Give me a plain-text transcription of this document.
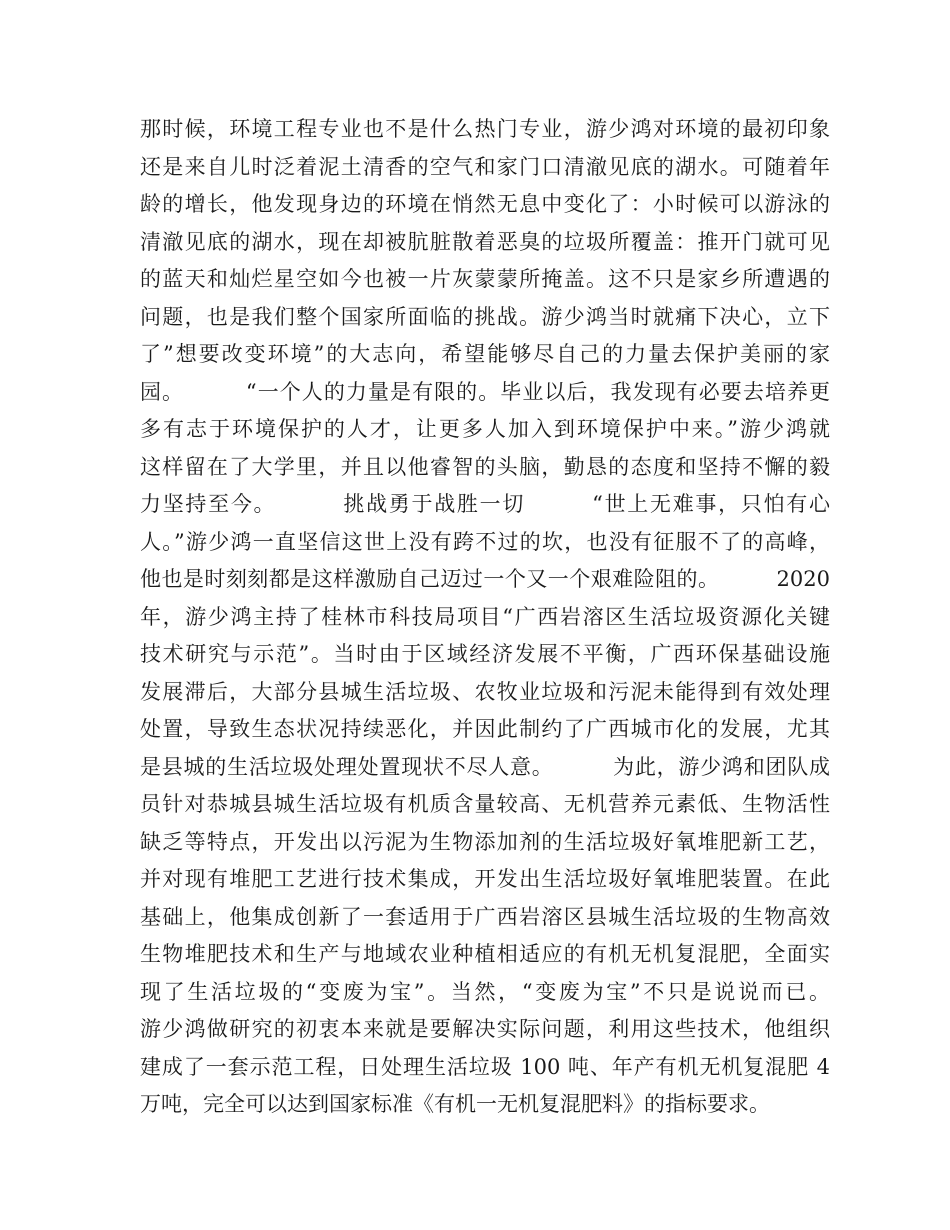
那时候，环境工程专业也不是什么热门专业，游少鸿对环境的最初印象
还是来自儿时泛着泥土清香的空气和家门口清澈见底的湖水。可随着年
龄的增长，他发现身边的环境在悄然无息中变化了：小时候可以游泳的
清澈见底的湖水，现在却被肮脏散着恶臭的垃圾所覆盖：推开门就可见
的蓝天和灿烂星空如今也被一片灰蒙蒙所掩盖。这不只是家乡所遭遇的
问题，也是我们整个国家所面临的挑战。游少鸿当时就痛下决心，立下
了”想要改变环境”的大志向，希望能够尽自己的力量去保护美丽的家
园。        “一个人的力量是有限的。毕业以后，我发现有必要去培养更
多有志于环境保护的人才，让更多人加入到环境保护中来。”游少鸿就
这样留在了大学里，并且以他睿智的头脑，勤恳的态度和坚持不懈的毅
力坚持至今。        挑战勇于战胜一切        “世上无难事，只怕有心
人。”游少鸿一直坚信这世上没有跨不过的坎，也没有征服不了的高峰，
他也是时刻刻都是这样激励自己迈过一个又一个艰难险阻的。        2020
年，游少鸿主持了桂林市科技局项目“广西岩溶区生活垃圾资源化关键
技术研究与示范”。当时由于区域经济发展不平衡，广西环保基础设施
发展滞后，大部分县城生活垃圾、农牧业垃圾和污泥未能得到有效处理
处置，导致生态状况持续恶化，并因此制约了广西城市化的发展，尤其
是县城的生活垃圾处理处置现状不尽人意。        为此，游少鸿和团队成
员针对恭城县城生活垃圾有机质含量较高、无机营养元素低、生物活性
缺乏等特点，开发出以污泥为生物添加剂的生活垃圾好氧堆肥新工艺，
并对现有堆肥工艺进行技术集成，开发出生活垃圾好氧堆肥装置。在此
基础上，他集成创新了一套适用于广西岩溶区县城生活垃圾的生物高效
生物堆肥技术和生产与地域农业种植相适应的有机无机复混肥，全面实
现了生活垃圾的“变废为宝”。当然，“变废为宝”不只是说说而已。
游少鸿做研究的初衷本来就是要解决实际问题，利用这些技术，他组织
建成了一套示范工程，日处理生活垃圾 100 吨、年产有机无机复混肥 4
万吨，完全可以达到国家标准《有机一无机复混肥料》的指标要求。
